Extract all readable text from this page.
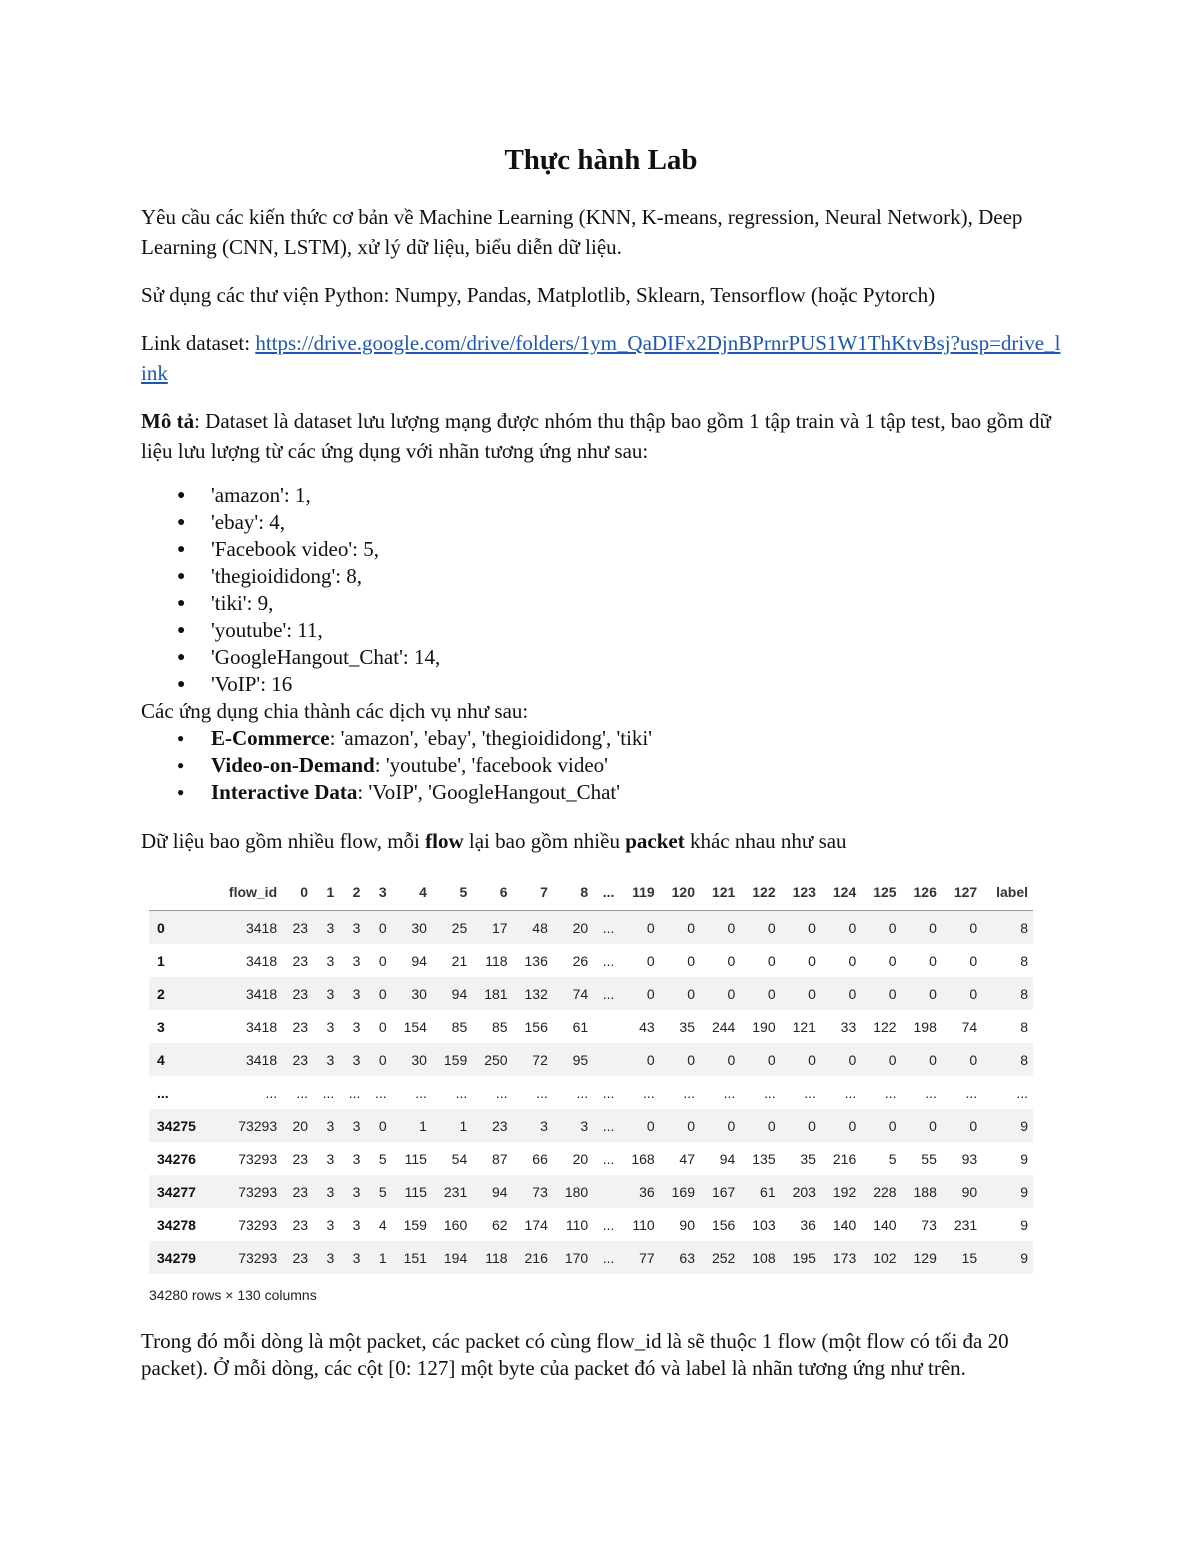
Thực hành Lab

Yêu cầu các kiến thức cơ bản về Machine Learning (KNN, K-means, regression, Neural Network), Deep Learning (CNN, LSTM), xử lý dữ liệu, biểu diễn dữ liệu.

Sử dụng các thư viện Python: Numpy, Pandas, Matplotlib, Sklearn, Tensorflow (hoặc Pytorch)

Link dataset: https://drive.google.com/drive/folders/1ym_QaDIFx2DjnBPrnrPUS1W1ThKtvBsj?usp=drive_link

Mô tả: Dataset là dataset lưu lượng mạng được nhóm thu thập bao gồm 1 tập train và 1 tập test, bao gồm dữ liệu lưu lượng từ các ứng dụng với nhãn tương ứng như sau:

● 'amazon': 1,
● 'ebay': 4,
● 'Facebook video': 5,
● 'thegioididong': 8,
● 'tiki': 9,
● 'youtube': 11,
● 'GoogleHangout_Chat': 14,
● 'VoIP': 16

Các ứng dụng chia thành các dịch vụ như sau:

● E-Commerce: 'amazon', 'ebay', 'thegioididong', 'tiki'
● Video-on-Demand: 'youtube', 'facebook video'
● Interactive Data: 'VoIP', 'GoogleHangout_Chat'

Dữ liệu bao gồm nhiều flow, mỗi flow lại bao gồm nhiều packet khác nhau như sau

	flow_id	0	1	2	3	4	5	6	7	8	...	119	120	121	122	123	124	125	126	127	label
0	3418	23	3	3	0	30	25	17	48	20	...	0	0	0	0	0	0	0	0	0	8
1	3418	23	3	3	0	94	21	118	136	26	...	0	0	0	0	0	0	0	0	0	8
2	3418	23	3	3	0	30	94	181	132	74	...	0	0	0	0	0	0	0	0	0	8
3	3418	23	3	3	0	154	85	85	156	61		43	35	244	190	121	33	122	198	74	8
4	3418	23	3	3	0	30	159	250	72	95		0	0	0	0	0	0	0	0	0	8
...	...	...	...	...	...	...	...	...	...	...	...	...	...	...	...	...	...	...	...	...	...
34275	73293	20	3	3	0	1	1	23	3	3	...	0	0	0	0	0	0	0	0	0	9
34276	73293	23	3	3	5	115	54	87	66	20	...	168	47	94	135	35	216	5	55	93	9
34277	73293	23	3	3	5	115	231	94	73	180		36	169	167	61	203	192	228	188	90	9
34278	73293	23	3	3	4	159	160	62	174	110	...	110	90	156	103	36	140	140	73	231	9
34279	73293	23	3	3	1	151	194	118	216	170	...	77	63	252	108	195	173	102	129	15	9
34280 rows × 130 columns

Trong đó mỗi dòng là một packet, các packet có cùng flow_id là sẽ thuộc 1 flow (một flow có tối đa 20 packet). Ở mỗi dòng, các cột [0: 127] một byte của packet đó và label là nhãn tương ứng như trên.
